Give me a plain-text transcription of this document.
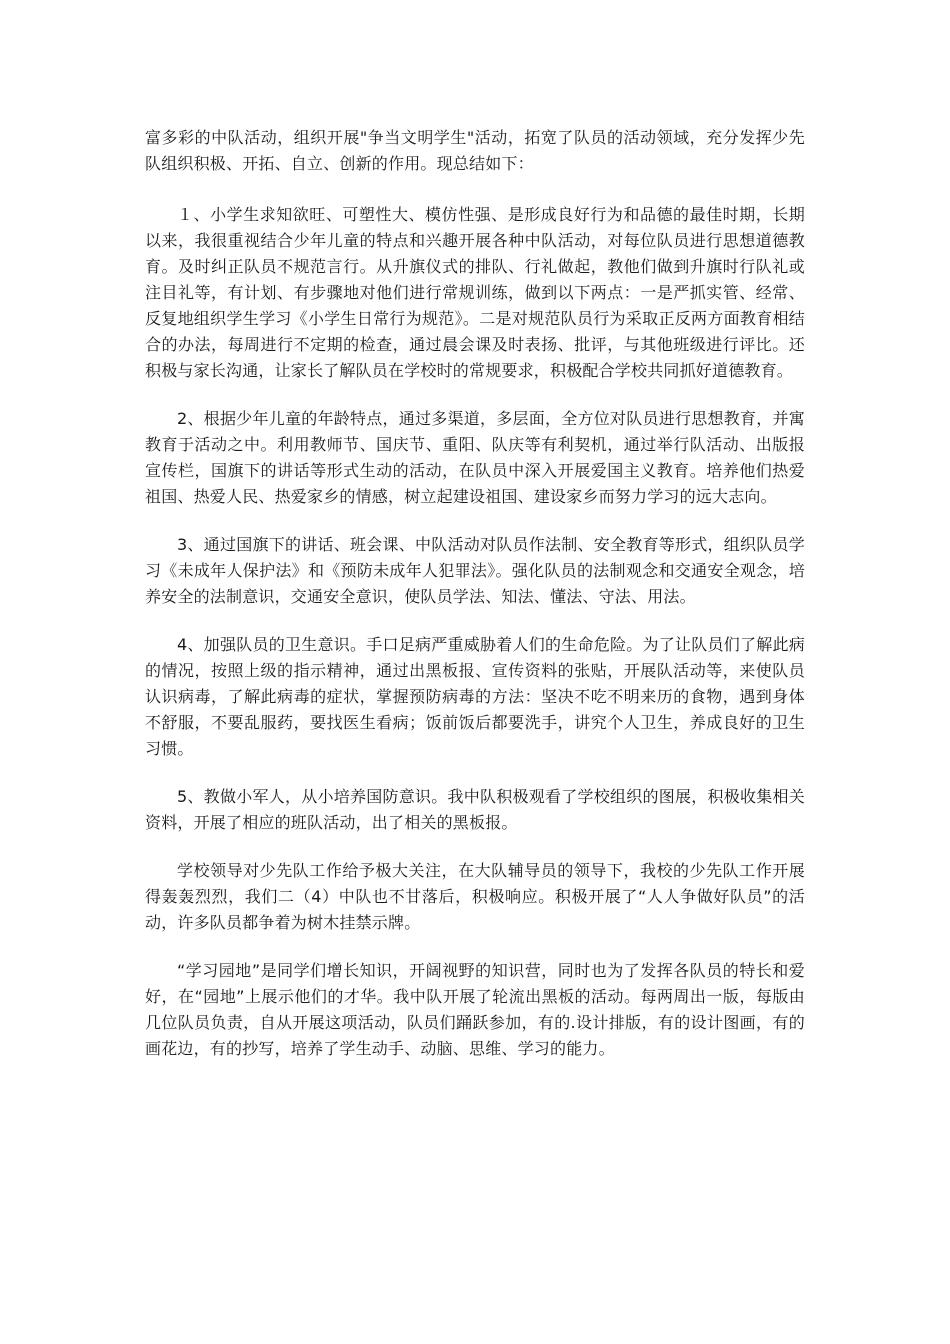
富多彩的中队活动，组织开展"争当文明学生"活动，拓宽了队员的活动领域，充分发挥少先队组织积极、开拓、自立、创新的作用。现总结如下：

１、小学生求知欲旺、可塑性大、模仿性强、是形成良好行为和品德的最佳时期，长期以来，我很重视结合少年儿童的特点和兴趣开展各种中队活动，对每位队员进行思想道德教育。及时纠正队员不规范言行。从升旗仪式的排队、行礼做起，教他们做到升旗时行队礼或注目礼等，有计划、有步骤地对他们进行常规训练，做到以下两点：一是严抓实管、经常、反复地组织学生学习《小学生日常行为规范》。二是对规范队员行为采取正反两方面教育相结合的办法，每周进行不定期的检查，通过晨会课及时表扬、批评，与其他班级进行评比。还积极与家长沟通，让家长了解队员在学校时的常规要求，积极配合学校共同抓好道德教育。

2、根据少年儿童的年龄特点，通过多渠道，多层面，全方位对队员进行思想教育，并寓教育于活动之中。利用教师节、国庆节、重阳、队庆等有利契机，通过举行队活动、出版报宣传栏，国旗下的讲话等形式生动的活动，在队员中深入开展爱国主义教育。培养他们热爱祖国、热爱人民、热爱家乡的情感，树立起建设祖国、建设家乡而努力学习的远大志向。

3、通过国旗下的讲话、班会课、中队活动对队员作法制、安全教育等形式，组织队员学习《未成年人保护法》和《预防未成年人犯罪法》。强化队员的法制观念和交通安全观念，培养安全的法制意识，交通安全意识，使队员学法、知法、懂法、守法、用法。

4、加强队员的卫生意识。手口足病严重威胁着人们的生命危险。为了让队员们了解此病的情况，按照上级的指示精神，通过出黑板报、宣传资料的张贴，开展队活动等，来使队员认识病毒，了解此病毒的症状，掌握预防病毒的方法：坚决不吃不明来历的食物，遇到身体不舒服，不要乱服药，要找医生看病；饭前饭后都要洗手，讲究个人卫生，养成良好的卫生习惯。

5、教做小军人，从小培养国防意识。我中队积极观看了学校组织的图展，积极收集相关资料，开展了相应的班队活动，出了相关的黑板报。

学校领导对少先队工作给予极大关注，在大队辅导员的领导下，我校的少先队工作开展得轰轰烈烈，我们二（4）中队也不甘落后，积极响应。积极开展了“人人争做好队员”的活动，许多队员都争着为树木挂禁示牌。

“学习园地”是同学们增长知识，开阔视野的知识营，同时也为了发挥各队员的特长和爱好，在“园地”上展示他们的才华。我中队开展了轮流出黑板的活动。每两周出一版，每版由几位队员负责，自从开展这项活动，队员们踊跃参加，有的.设计排版，有的设计图画，有的画花边，有的抄写，培养了学生动手、动脑、思维、学习的能力。
